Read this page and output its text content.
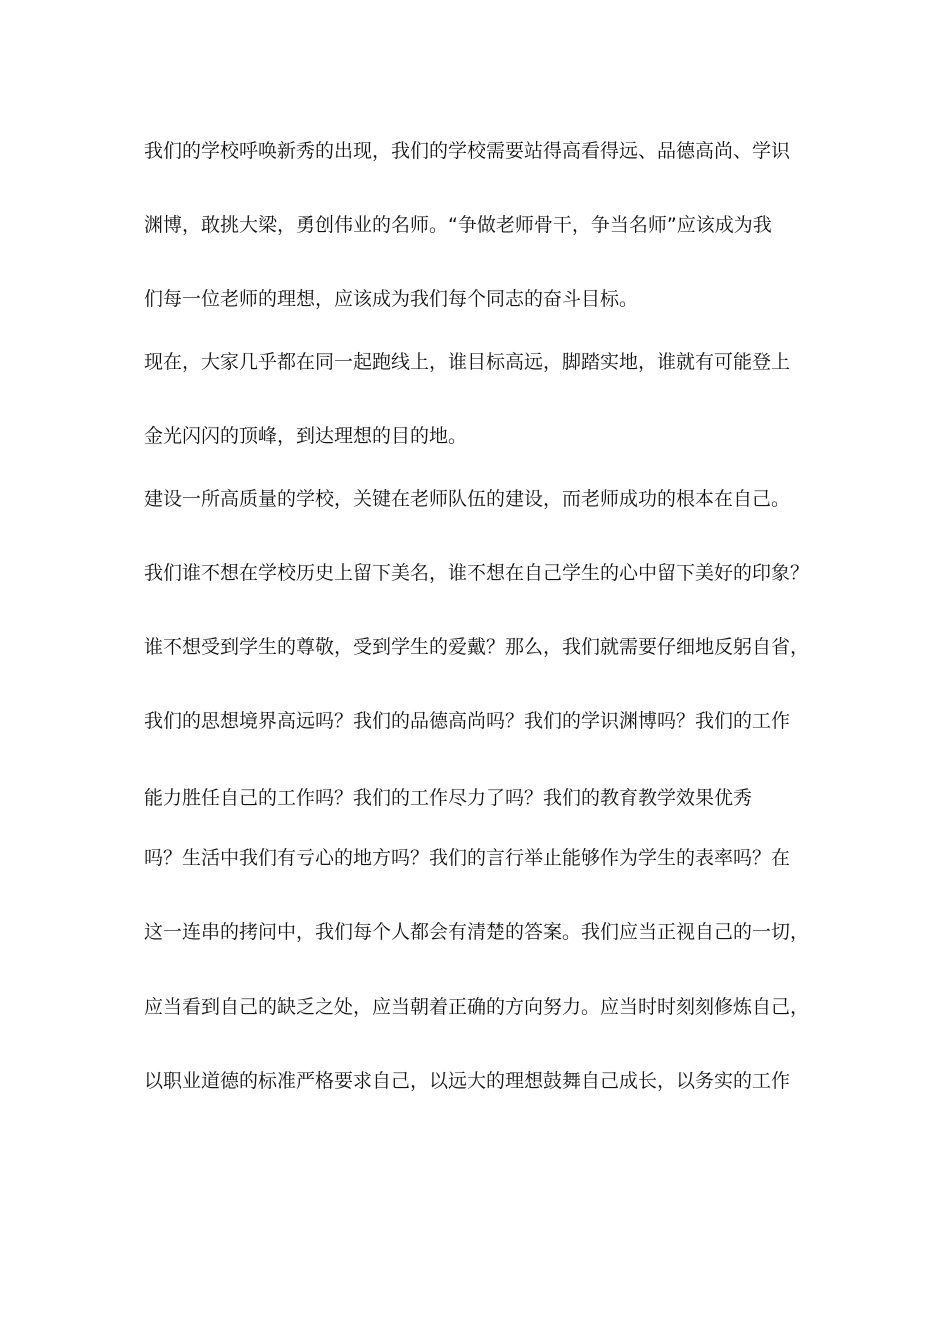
我们的学校呼唤新秀的出现，我们的学校需要站得高看得远、品德高尚、学识

渊博，敢挑大梁，勇创伟业的名师。“争做老师骨干，争当名师”应该成为我

们每一位老师的理想，应该成为我们每个同志的奋斗目标。

现在，大家几乎都在同一起跑线上，谁目标高远，脚踏实地，谁就有可能登上

金光闪闪的顶峰，到达理想的目的地。

建设一所高质量的学校，关键在老师队伍的建设，而老师成功的根本在自己。

我们谁不想在学校历史上留下美名，谁不想在自己学生的心中留下美好的印象？

谁不想受到学生的尊敬，受到学生的爱戴？那么，我们就需要仔细地反躬自省，

我们的思想境界高远吗？我们的品德高尚吗？我们的学识渊博吗？我们的工作

能力胜任自己的工作吗？我们的工作尽力了吗？我们的教育教学效果优秀

吗？生活中我们有亏心的地方吗？我们的言行举止能够作为学生的表率吗？在

这一连串的拷问中，我们每个人都会有清楚的答案。我们应当正视自己的一切，

应当看到自己的缺乏之处，应当朝着正确的方向努力。应当时时刻刻修炼自己，

以职业道德的标准严格要求自己，以远大的理想鼓舞自己成长，以务实的工作
